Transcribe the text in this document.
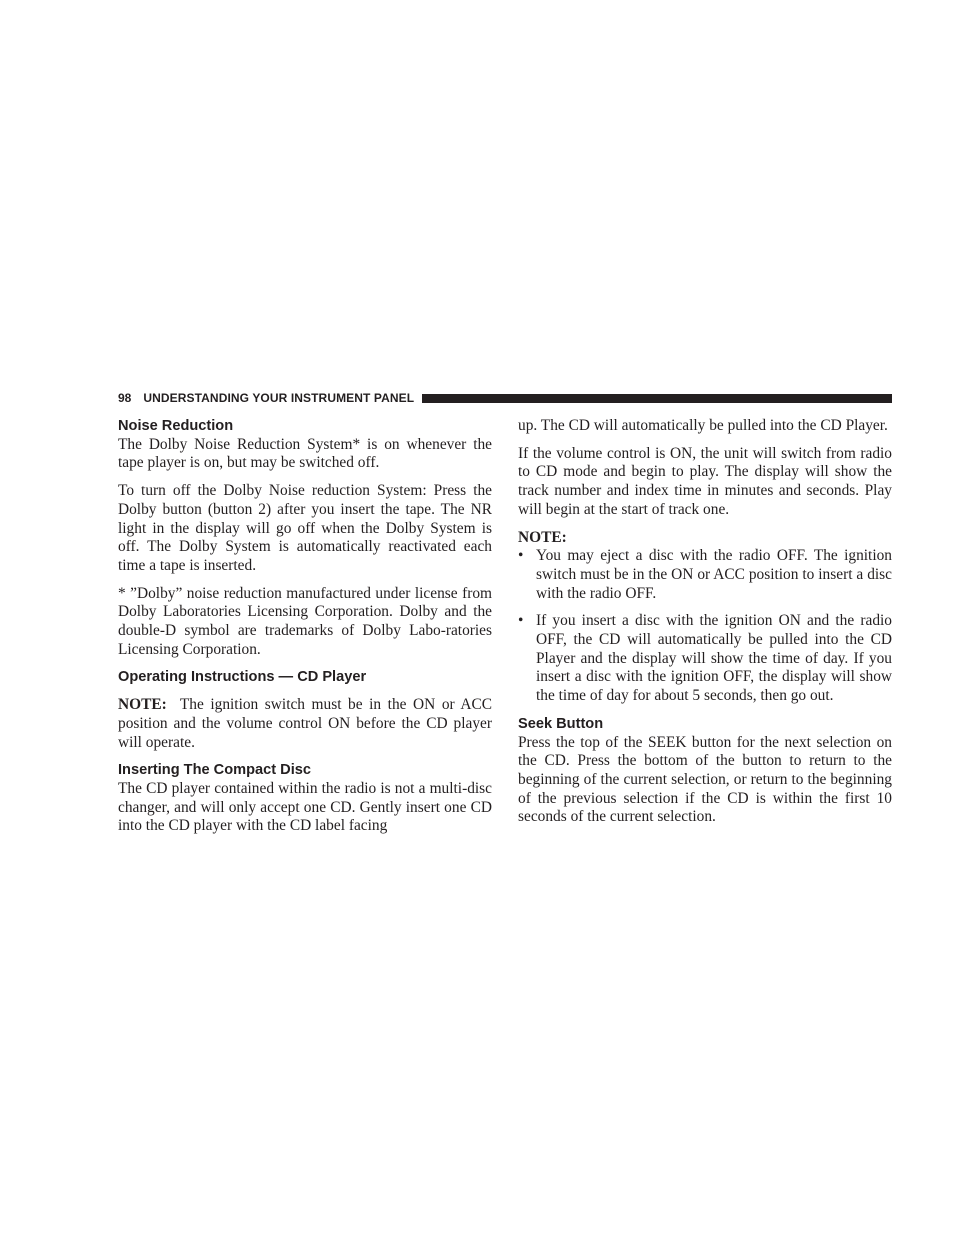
98 UNDERSTANDING YOUR INSTRUMENT PANEL
Noise Reduction

The Dolby Noise Reduction System* is on whenever the tape player is on, but may be switched off.

To turn off the Dolby Noise reduction System: Press the Dolby button (button 2) after you insert the tape. The NR light in the display will go off when the Dolby System is off. The Dolby System is automatically reactivated each time a tape is inserted.

* ”Dolby” noise reduction manufactured under license from Dolby Laboratories Licensing Corporation. Dolby and the double-D symbol are trademarks of Dolby Labo-ratories Licensing Corporation.

Operating Instructions — CD Player

NOTE: The ignition switch must be in the ON or ACC position and the volume control ON before the CD player will operate.

Inserting The Compact Disc

The CD player contained within the radio is not a multi-disc changer, and will only accept one CD. Gently insert one CD into the CD player with the CD label facing

up. The CD will automatically be pulled into the CD Player.

If the volume control is ON, the unit will switch from radio to CD mode and begin to play. The display will show the track number and index time in minutes and seconds. Play will begin at the start of track one.

NOTE:
• You may eject a disc with the radio OFF. The ignition switch must be in the ON or ACC position to insert a disc with the radio OFF.
• If you insert a disc with the ignition ON and the radio OFF, the CD will automatically be pulled into the CD Player and the display will show the time of day. If you insert a disc with the ignition OFF, the display will show the time of day for about 5 seconds, then go out.
Seek Button

Press the top of the SEEK button for the next selection on the CD. Press the bottom of the button to return to the beginning of the current selection, or return to the beginning of the previous selection if the CD is within the first 10 seconds of the current selection.
